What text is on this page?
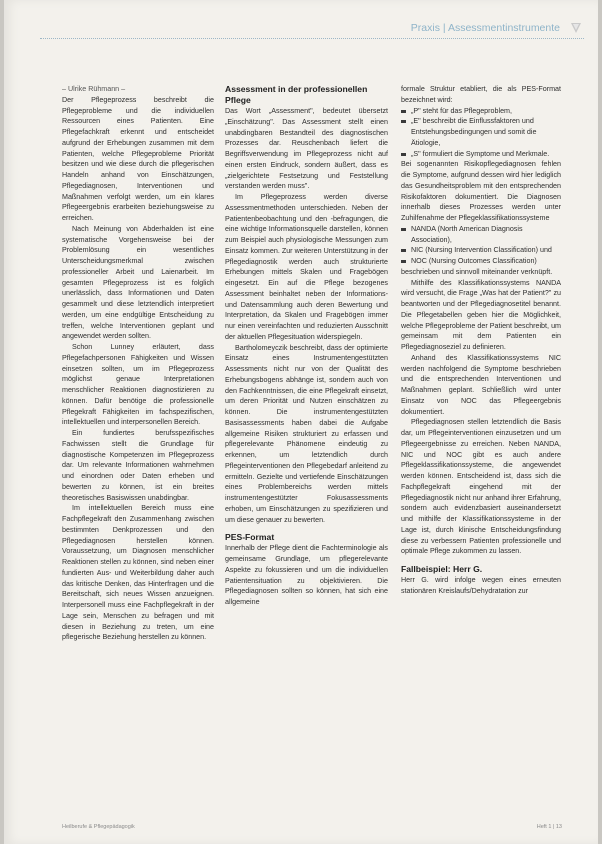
Praxis | Assessmentinstrumente

– Ulrike Rühmann –

Der Pflegeprozess beschreibt die Pflegeprobleme und die individuellen Ressourcen eines Patienten. Eine Pflegefachkraft erkennt und entscheidet aufgrund der Erhebungen zusammen mit dem Patienten, welche Pflegeprobleme Priorität besitzen und wie diese durch die pflegerischen Handeln anhand von Einschätzungen, Pflegediagnosen, Interventionen und Maßnahmen verfolgt werden, um ein klares Pflegeergebnis erarbeiten beziehungsweise zu erreichen.

Nach Meinung von Abderhalden ist eine systematische Vorgehensweise bei der Problemlösung ein wesentliches Unterscheidungsmerkmal zwischen professioneller Arbeit und Laienarbeit. Im gesamten Pflegeprozess ist es folglich unerlässlich, dass Informationen und Daten gesammelt und diese letztendlich interpretiert werden, um eine endgültige Entscheidung zu treffen, welche Interventionen geplant und angewendet werden sollten.

Schon Lunney erläutert, dass Pflegefachpersonen Fähigkeiten und Wissen einsetzen sollten, um im Pflegeprozess möglichst genaue Interpretationen menschlicher Reaktionen diagnostizieren zu können. Dafür benötige die professionelle Pflegekraft Fähigkeiten im fachspezifischen, intellektuellen und interpersonellen Bereich.

Ein fundiertes berufsspezifisches Fachwissen stellt die Grundlage für diagnostische Kompetenzen im Pflegeprozess dar. Um relevante Informationen wahrnehmen und einordnen oder Daten erheben und bewerten zu können, ist ein breites theoretisches Basiswissen unabdingbar.

Im intellektuellen Bereich muss eine Fachpflegekraft den Zusammenhang zwischen bestimmten Denkprozessen und den Pflegediagnosen herstellen können. Voraussetzung, um Diagnosen menschlicher Reaktionen stellen zu können, sind neben einer fundierten Aus- und Weiterbildung daher auch das kritische Denken, das Hinterfragen und die Bereitschaft, sich neues Wissen anzueignen. Interpersonell muss eine Fachpflegekraft in der Lage sein, Menschen zu befragen und mit diesen in Beziehung zu treten, um eine pflegerische Beziehung herstellen zu können.

Assessment in der professionellen Pflege

Das Wort „Assessment", bedeutet übersetzt „Einschätzung". Das Assessment stellt einen unabdingbaren Bestandteil des diagnostischen Prozesses dar. Reuschenbach liefert die Begriffsverwendung im Pflegeprozess nicht auf einen ersten Eindruck, sondern äußert, dass es „zielgerichtete Festsetzung und Feststellung verstanden werden muss".

Im Pflegeprozess werden diverse Assessmentmethoden unterschieden. Neben der Patientenbeobachtung und den -befragungen, die eine wichtige Informationsquelle darstellen, können zum Beispiel auch physiologische Messungen zum Einsatz kommen. Zur weiteren Unterstützung in der Pflegediagnostik werden auch strukturierte Erhebungen mittels Skalen und Fragebögen eingesetzt. Ein auf die Pflege bezogenes Assessment beinhaltet neben der Informations- und Datensammlung auch deren Bewertung und Interpretation, da Skalen und Fragebögen immer nur einen vereinfachten und reduzierten Ausschnitt der aktuellen Pflegesituation widerspiegeln.

Bartholomeyczik beschreibt, dass der optimierte Einsatz eines Instrumentengestützten Assessments nicht nur von der Qualität des Erhebungsbogens abhänge ist, sondern auch von den Fachkenntnissen, die eine Pflegekraft einsetzt, um deren Priorität und Nutzen einschätzen zu können. Die instrumentengestützten Basisassessments haben dabei die Aufgabe allgemeine Risiken strukturiert zu erfassen und pflegerelevante Phänomene eindeutig zu erkennen, um letztendlich durch Pflegeinterventionen den Pflegebedarf anleitend zu ermitteln. Gezielte und vertiefende Einschätzungen eines Problembereichs werden mittels instrumentengestützter Fokusassessments erhoben, um Einschätzungen zu spezifizieren und um diese genauer zu bewerten.

PES-Format

Innerhalb der Pflege dient die Fachterminologie als gemeinsame Grundlage, um pflegerelevante Aspekte zu fokussieren und um die individuellen Patientensituation zu objektivieren. Die Pflegediagnosen sollten so können, hat sich eine allgemeine

formale Struktur etabliert, die als PES-Format bezeichnet wird:

„P" steht für das Pflegeproblem,

„E" beschreibt die Einflussfaktoren und Entstehungsbedingungen und somit die Ätiologie,

„S" formuliert die Symptome und Merkmale.

Bei sogenannten Risikopflegediagnosen fehlen die Symptome, aufgrund dessen wird hier lediglich das Gesundheitsproblem mit den entsprechenden Risikofaktoren dokumentiert. Die Diagnosen innerhalb dieses Prozesses werden unter Zuhilfenahme der Pflegeklassifikationssysteme

NANDA (North American Diagnosis Association),

NIC (Nursing Intervention Classification) und

NOC (Nursing Outcomes Classification)

beschrieben und sinnvoll miteinander verknüpft.

Mithilfe des Klassifikationssystems NANDA wird versucht, die Frage „Was hat der Patient?" zu beantworten und der Pflegediagnosetitel benannt. Die Pflegetabellen geben hier die Möglichkeit, welche Pflegeprobleme der Patient beschreibt, um gemeinsam mit dem Patienten ein Pflegediagnoseziel zu definieren.

Anhand des Klassifikationssystems NIC werden nachfolgend die Symptome beschrieben und die entsprechenden Interventionen und Maßnahmen geplant. Schließlich wird unter Einsatz von NOC das Pflegeergebnis dokumentiert.

Pflegediagnosen stellen letztendlich die Basis dar, um Pflegeinterventionen einzusetzen und um Pflegeergebnisse zu erreichen. Neben NANDA, NIC und NOC gibt es auch andere Pflegeklassifikationssysteme, die angewendet werden können. Entscheidend ist, dass sich die Fachpflegekraft eingehend mit der Pflegediagnostik nicht nur anhand ihrer Erfahrung, sondern auch evidenzbasiert auseinandersetzt und mithilfe der Klassifikationssysteme in der Lage ist, durch klinische Entscheidungsfindung diese zu verbessern Patienten professionelle und optimale Pflege zukommen zu lassen.

Fallbeispiel: Herr G.

Herr G. wird infolge wegen eines erneuten stationären Kreislaufs/Dehydratation zur

Heilberufe & Pflegepädagogik	Heft 1 | 13
